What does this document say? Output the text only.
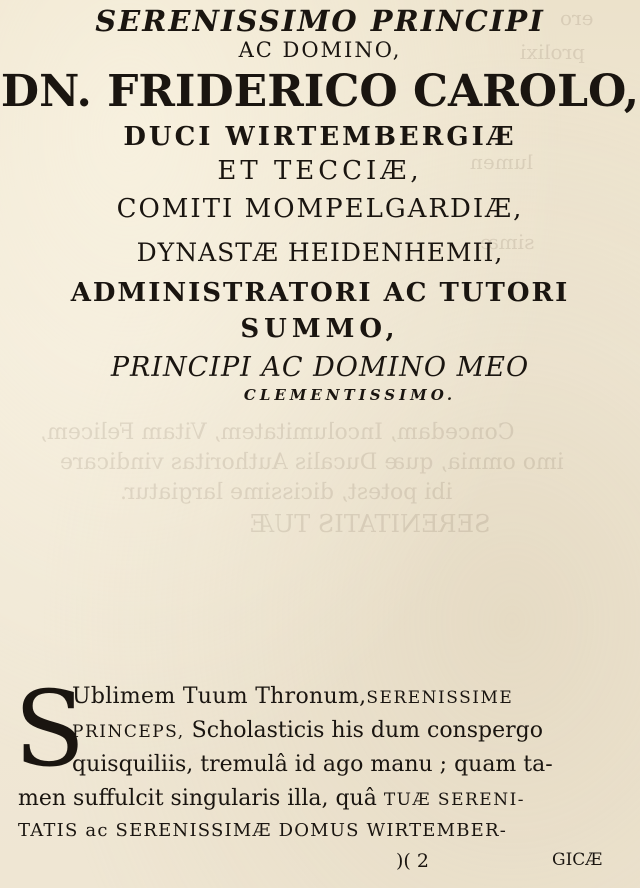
ero
prolixi
lumen
simæ
Concedam, Incolumitatem, Vitam Felicem,
imo omnia, quæ Ducalis Authoritas vindicare
ibi potest, dicissime largiatur.
SERENITATIS TUÆ
SERENISSIMO PRINCIPI
AC DOMINO,
DN. FRIDERICO CAROLO,
DUCI WIRTEMBERGIÆ
ET TECCIÆ,
COMITI MOMPELGARDIÆ,
DYNASTÆ HEIDENHEMII,
ADMINISTRATORI AC TUTORI
SUMMO,
PRINCIPI AC DOMINO MEO
CLEMENTISSIMO.
S
Ublimem Tuum Thronum,SERENISSIME
PRINCEPS, Scholasticis his dum conspergo
quisquiliis, tremulâ id ago manu ; quam ta-
men suffulcit singularis illa, quâ TUÆ SERENI-
TATIS ac SERENISSIMÆ DOMUS WIRTEMBER-
)( 2	GICÆ
